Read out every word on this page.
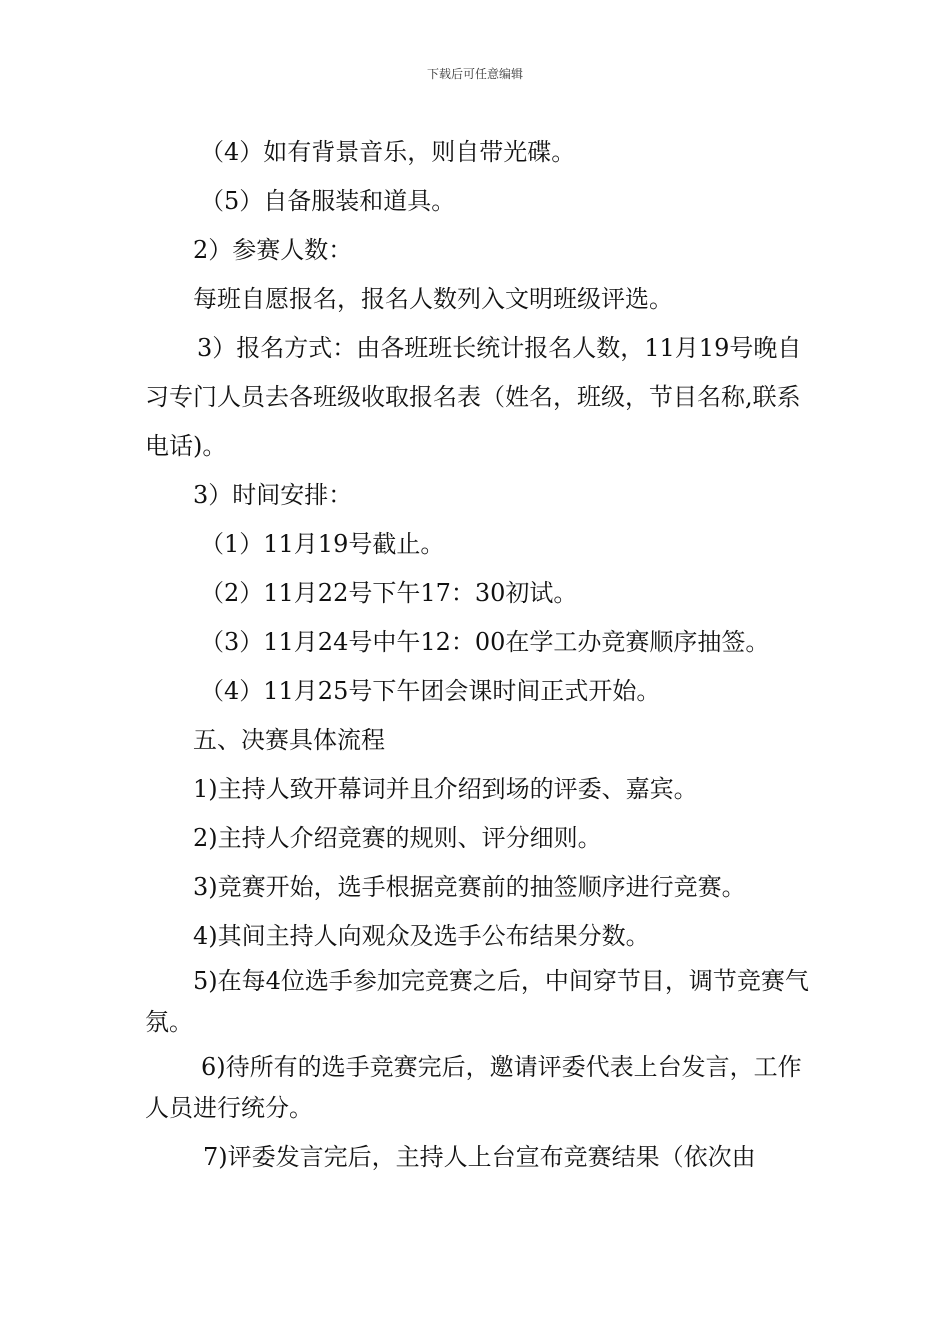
下载后可任意编辑

（4）如有背景音乐，则自带光碟。

（5）自备服装和道具。

2）参赛人数：

每班自愿报名，报名人数列入文明班级评选。

3）报名方式：由各班班长统计报名人数，11月19号晚自习专门人员去各班级收取报名表（姓名，班级，节目名称,联系电话)。

3）时间安排：

（1）11月19号截止。

（2）11月22号下午17：30初试。

（3）11月24号中午12：00在学工办竞赛顺序抽签。

（4）11月25号下午团会课时间正式开始。

五、决赛具体流程

1)主持人致开幕词并且介绍到场的评委、嘉宾。

2)主持人介绍竞赛的规则、评分细则。

3)竞赛开始，选手根据竞赛前的抽签顺序进行竞赛。

4)其间主持人向观众及选手公布结果分数。

5)在每4位选手参加完竞赛之后，中间穿节目，调节竞赛气氛。

6)待所有的选手竞赛完后，邀请评委代表上台发言，工作人员进行统分。

7)评委发言完后，主持人上台宣布竞赛结果（依次由
